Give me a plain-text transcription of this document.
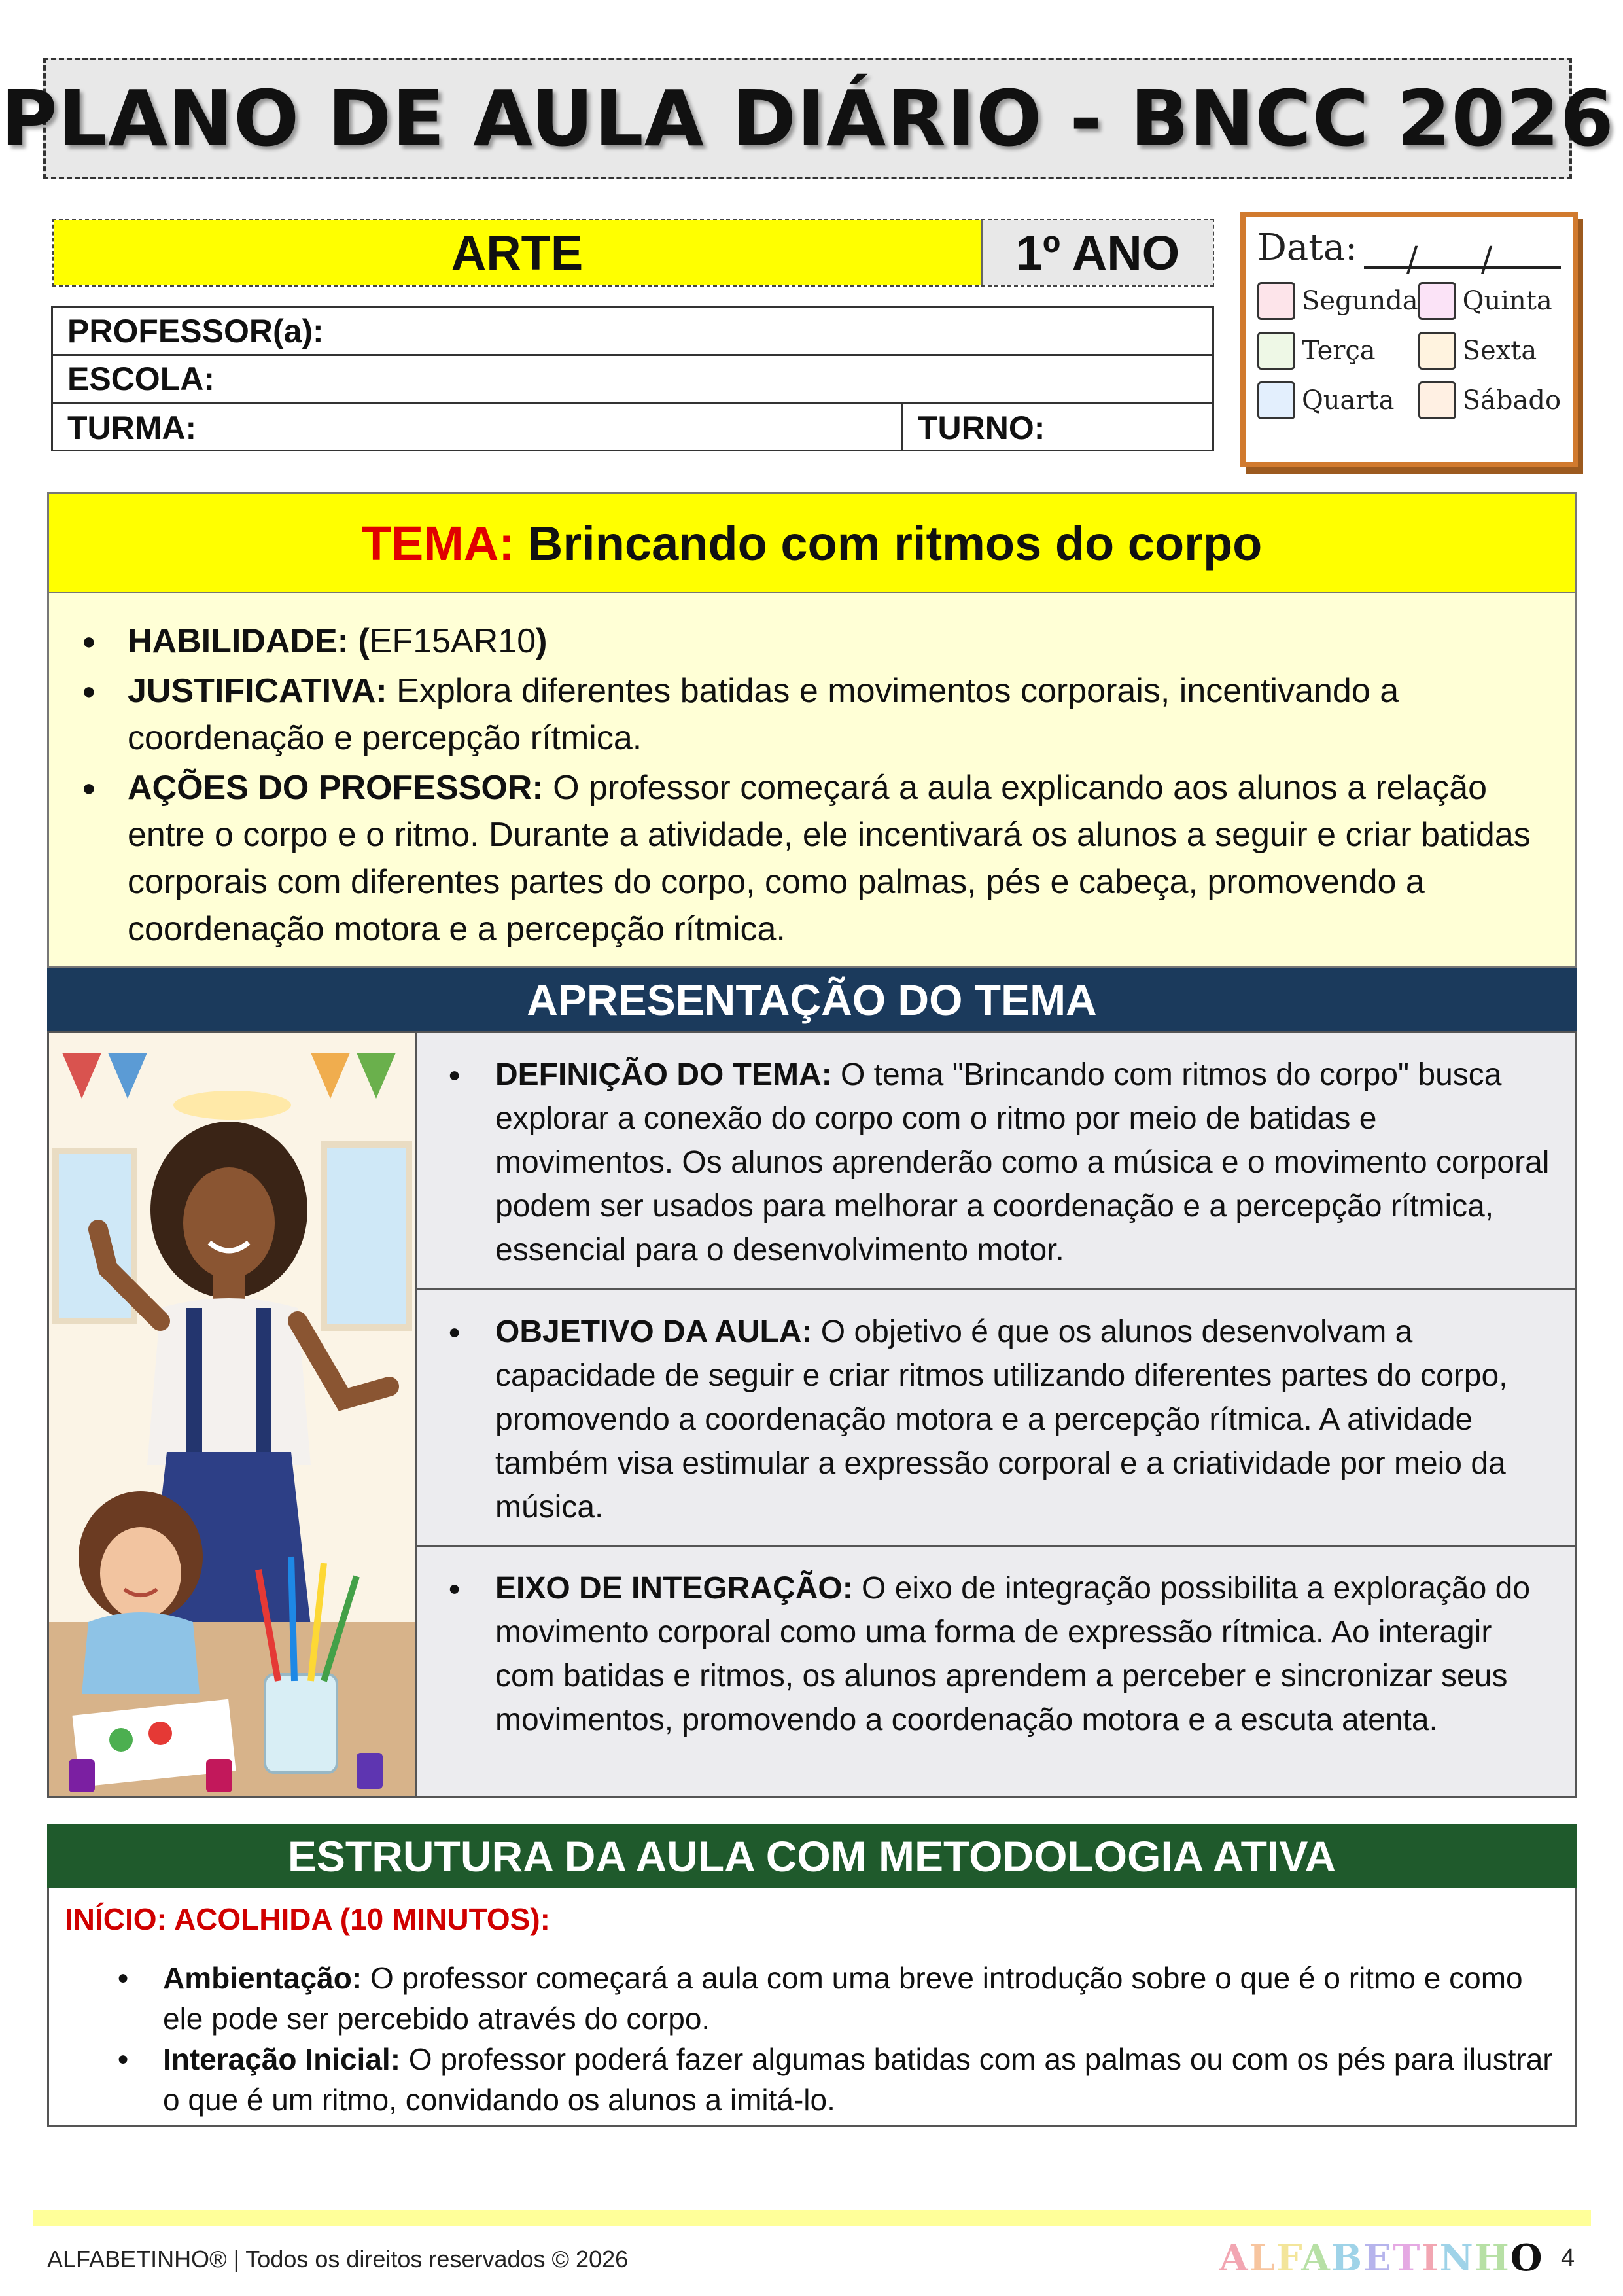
PLANO DE AULA DIÁRIO - BNCC 2026
ARTE	1º ANO
PROFESSOR(a):
ESCOLA:
TURMA:	TURNO:
Data:	/ /
Segunda Quinta
Terça	Sexta
Quarta	Sábado
TEMA: Brincando com ritmos do corpo
● HABILIDADE: (EF15AR10)
● JUSTIFICATIVA: Explora diferentes batidas e movimentos corporais, incentivando a coordenação e percepção rítmica.
● AÇÕES DO PROFESSOR: O professor começará a aula explicando aos alunos a relação entre o corpo e o ritmo. Durante a atividade, ele incentivará os alunos a seguir e criar batidas corporais com diferentes partes do corpo, como palmas, pés e cabeça, promovendo a coordenação motora e a percepção rítmica.
APRESENTAÇÃO DO TEMA
● DEFINIÇÃO DO TEMA: O tema "Brincando com ritmos do corpo" busca explorar a conexão do corpo com o ritmo por meio de batidas e movimentos. Os alunos aprenderão como a música e o movimento corporal podem ser usados para melhorar a coordenação e a percepção rítmica, essencial para o desenvolvimento motor.
● OBJETIVO DA AULA: O objetivo é que os alunos desenvolvam a capacidade de seguir e criar ritmos utilizando diferentes partes do corpo, promovendo a coordenação motora e a percepção rítmica. A atividade também visa estimular a expressão corporal e a criatividade por meio da música.
● EIXO DE INTEGRAÇÃO: O eixo de integração possibilita a exploração do movimento corporal como uma forma de expressão rítmica. Ao interagir com batidas e ritmos, os alunos aprendem a perceber e sincronizar seus movimentos, promovendo a coordenação motora e a escuta atenta.
ESTRUTURA DA AULA COM METODOLOGIA ATIVA
INÍCIO: ACOLHIDA (10 MINUTOS):
● Ambientação: O professor começará a aula com uma breve introdução sobre o que é o ritmo e como ele pode ser percebido através do corpo.
● Interação Inicial: O professor poderá fazer algumas batidas com as palmas ou com os pés para ilustrar o que é um ritmo, convidando os alunos a imitá-lo.
ALFABETINHO® | Todos os direitos reservados © 2026	ALFABETINHO 4
